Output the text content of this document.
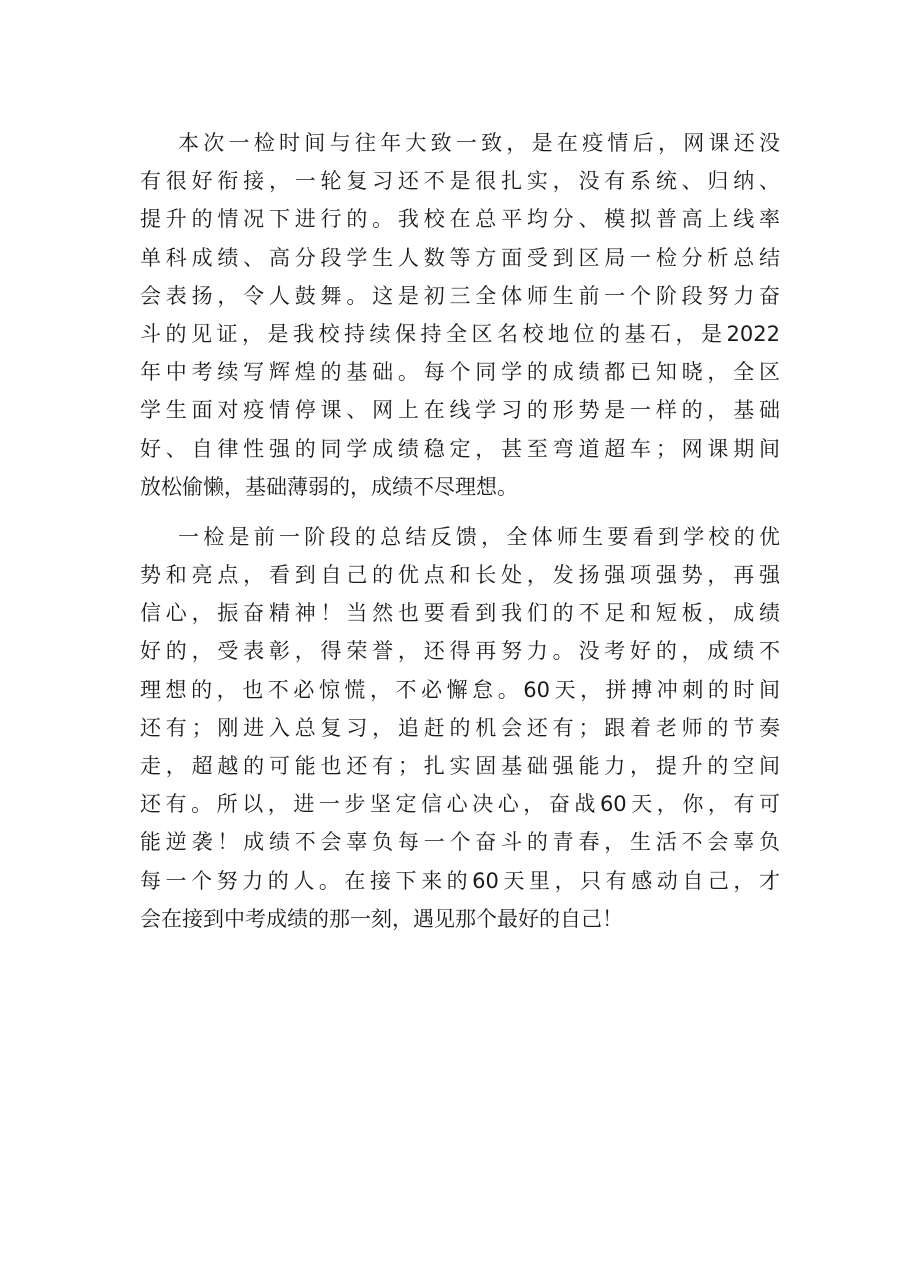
本次一检时间与往年大致一致，是在疫情后，网课还没
有很好衔接，一轮复习还不是很扎实，没有系统、归纳、
提升的情况下进行的。我校在总平均分、模拟普高上线率
单科成绩、高分段学生人数等方面受到区局一检分析总结
会表扬，令人鼓舞。这是初三全体师生前一个阶段努力奋
斗的见证，是我校持续保持全区名校地位的基石，是2022
年中考续写辉煌的基础。每个同学的成绩都已知晓，全区
学生面对疫情停课、网上在线学习的形势是一样的，基础
好、自律性强的同学成绩稳定，甚至弯道超车；网课期间
放松偷懒，基础薄弱的，成绩不尽理想。

一检是前一阶段的总结反馈，全体师生要看到学校的优
势和亮点，看到自己的优点和长处，发扬强项强势，再强
信心，振奋精神！当然也要看到我们的不足和短板，成绩
好的，受表彰，得荣誉，还得再努力。没考好的，成绩不
理想的，也不必惊慌，不必懈怠。60天，拼搏冲刺的时间
还有；刚进入总复习，追赶的机会还有；跟着老师的节奏
走，超越的可能也还有；扎实固基础强能力，提升的空间
还有。所以，进一步坚定信心决心，奋战60天，你，有可
能逆袭！成绩不会辜负每一个奋斗的青春，生活不会辜负
每一个努力的人。在接下来的60天里，只有感动自己，才
会在接到中考成绩的那一刻，遇见那个最好的自己！
